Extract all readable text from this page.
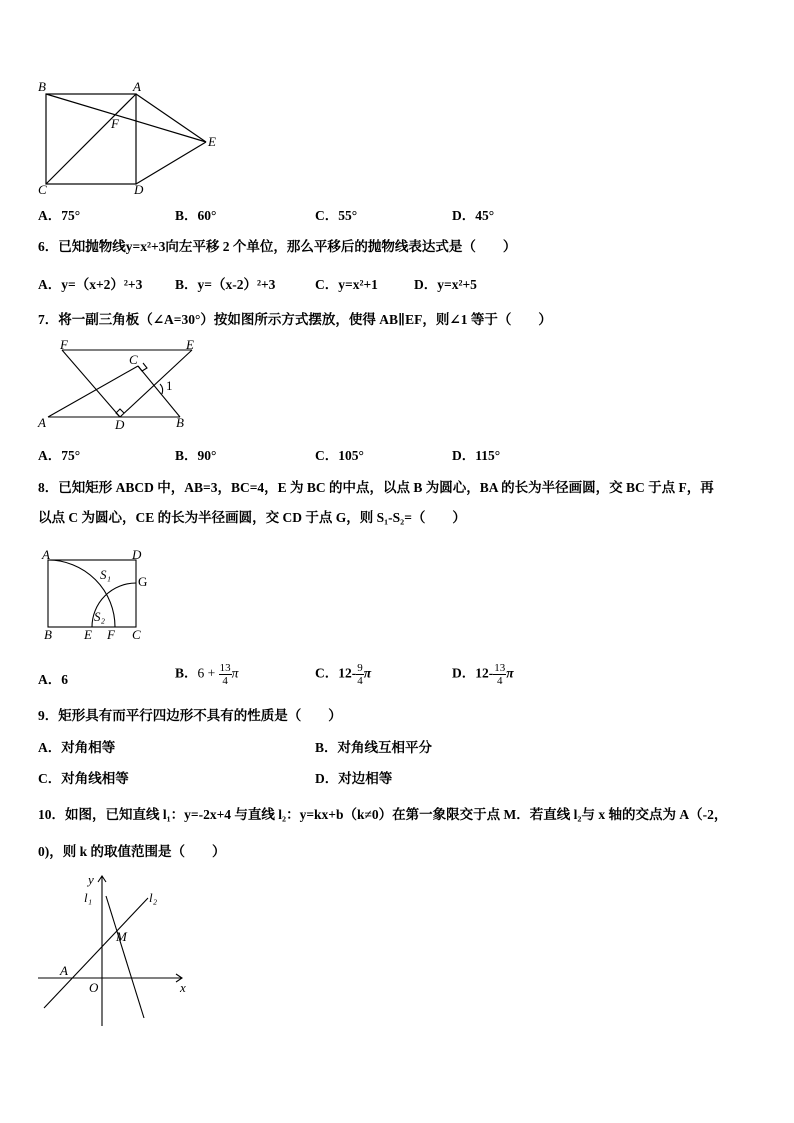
B	A
F
E
C	D
A．75°	B．60°	C．55°	D．45°
6．已知抛物线y=x²+3向左平移 2 个单位，那么平移后的抛物线表达式是（　　）
A．y=（x+2）²+3 B．y=（x-2）²+3	C．y=x²+1	D．y=x²+5
7．将一副三角板（∠A=30°）按如图所示方式摆放，使得 AB∥EF，则∠1 等于（　　）
F	E
C
1
A	D	B
A．75°	B．90°	C．105°	D．115°
8．已知矩形 ABCD 中，AB=3，BC=4，E 为 BC 的中点，以点 B 为圆心，BA 的长为半径画圆，交 BC 于点 F，再
以点 C 为圆心，CE 的长为半径画圆，交 CD 于点 G，则 S₁-S₂=（　　）
A	D
S₁ G
S₂
B E F C
A．6	B．$6 + \frac{13}{4}$ π	C．$12- \frac{9}{4}$ π	D．$12- \frac{13}{4}$ π
9．矩形具有而平行四边形不具有的性质是（　　）
A．对角相等	B．对角线互相平分
C．对角线相等	D．对边相等
10．如图，已知直线 l₁：y=-2x+4 与直线 l₂：y=kx+b（k≠0）在第一象限交于点 M．若直线 l₂与 x 轴的交点为 A（-2，
0)，则 k 的取值范围是（　　）
y
l₁	l₂
M
A
O	x
